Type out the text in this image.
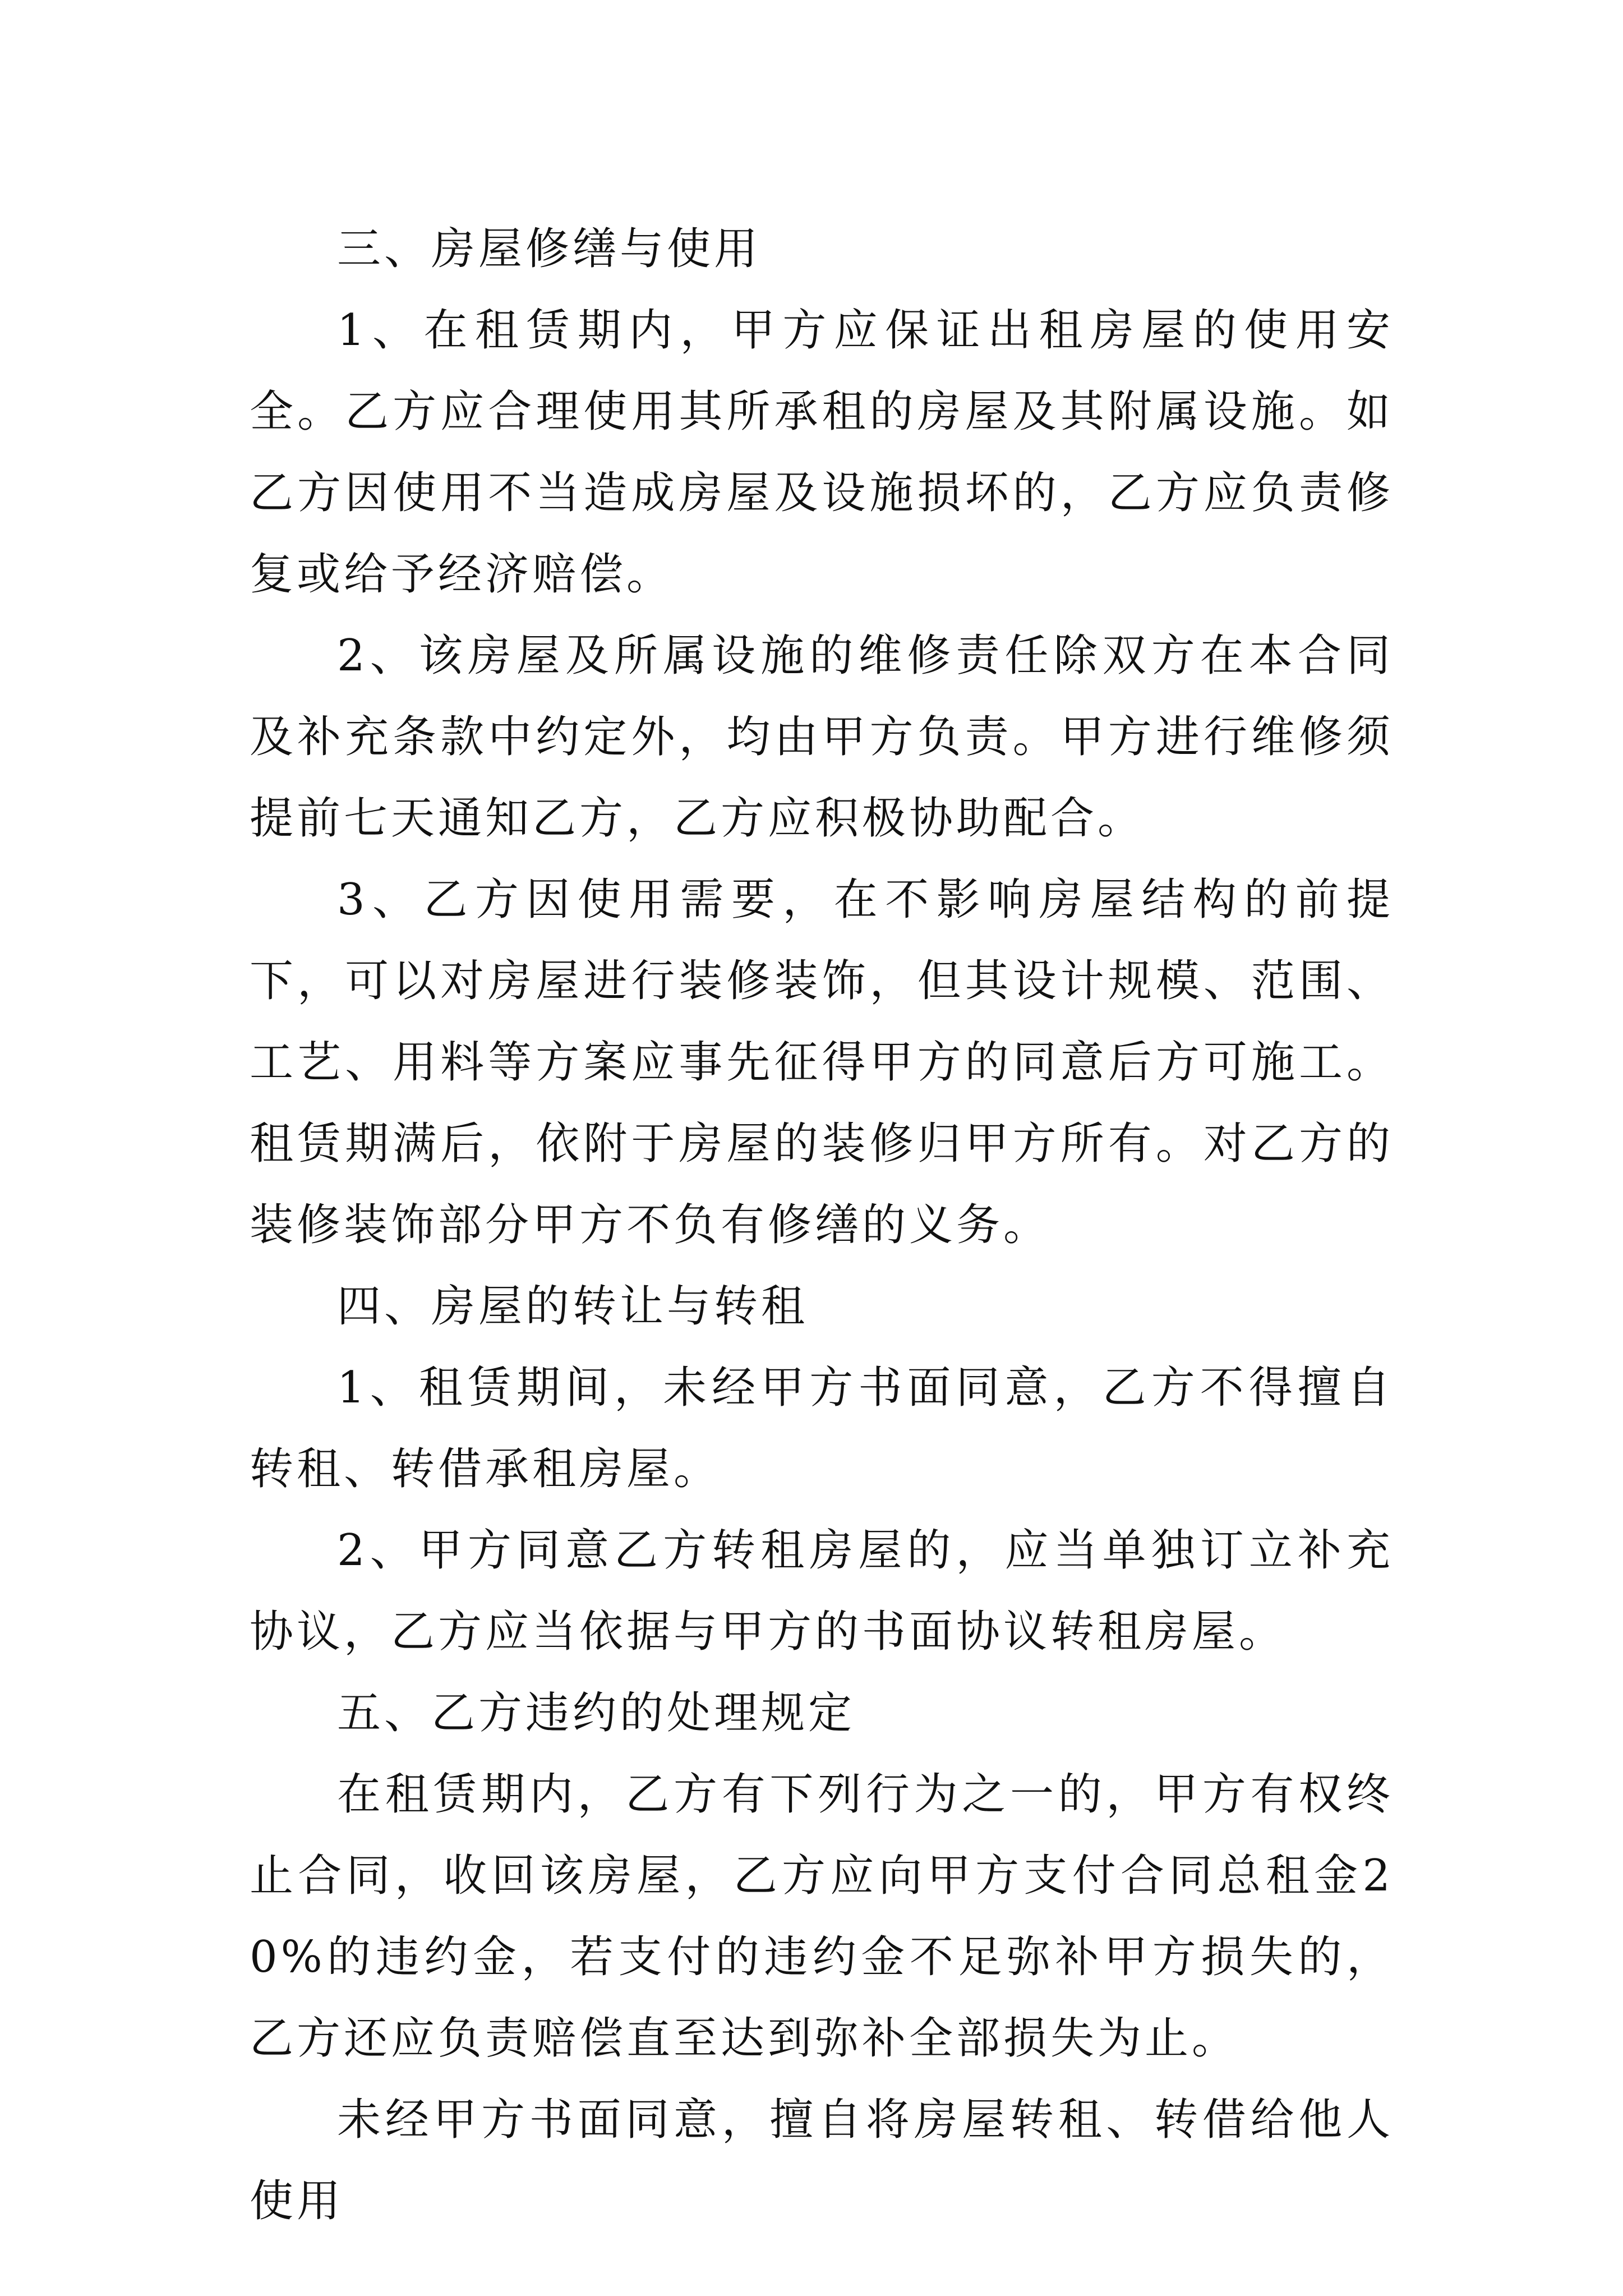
三、房屋修缮与使用

1、在租赁期内，甲方应保证出租房屋的使用安全。乙方应合理使用其所承租的房屋及其附属设施。如乙方因使用不当造成房屋及设施损坏的，乙方应负责修复或给予经济赔偿。

2、该房屋及所属设施的维修责任除双方在本合同及补充条款中约定外，均由甲方负责。甲方进行维修须提前七天通知乙方，乙方应积极协助配合。

3、乙方因使用需要，在不影响房屋结构的前提下，可以对房屋进行装修装饰，但其设计规模、范围、工艺、用料等方案应事先征得甲方的同意后方可施工。租赁期满后，依附于房屋的装修归甲方所有。对乙方的装修装饰部分甲方不负有修缮的义务。

四、房屋的转让与转租

1、租赁期间，未经甲方书面同意，乙方不得擅自转租、转借承租房屋。

2、甲方同意乙方转租房屋的，应当单独订立补充协议，乙方应当依据与甲方的书面协议转租房屋。

五、乙方违约的处理规定

在租赁期内，乙方有下列行为之一的，甲方有权终止合同，收回该房屋，乙方应向甲方支付合同总租金20%的违约金，若支付的违约金不足弥补甲方损失的，乙方还应负责赔偿直至达到弥补全部损失为止。

未经甲方书面同意，擅自将房屋转租、转借给他人使用
